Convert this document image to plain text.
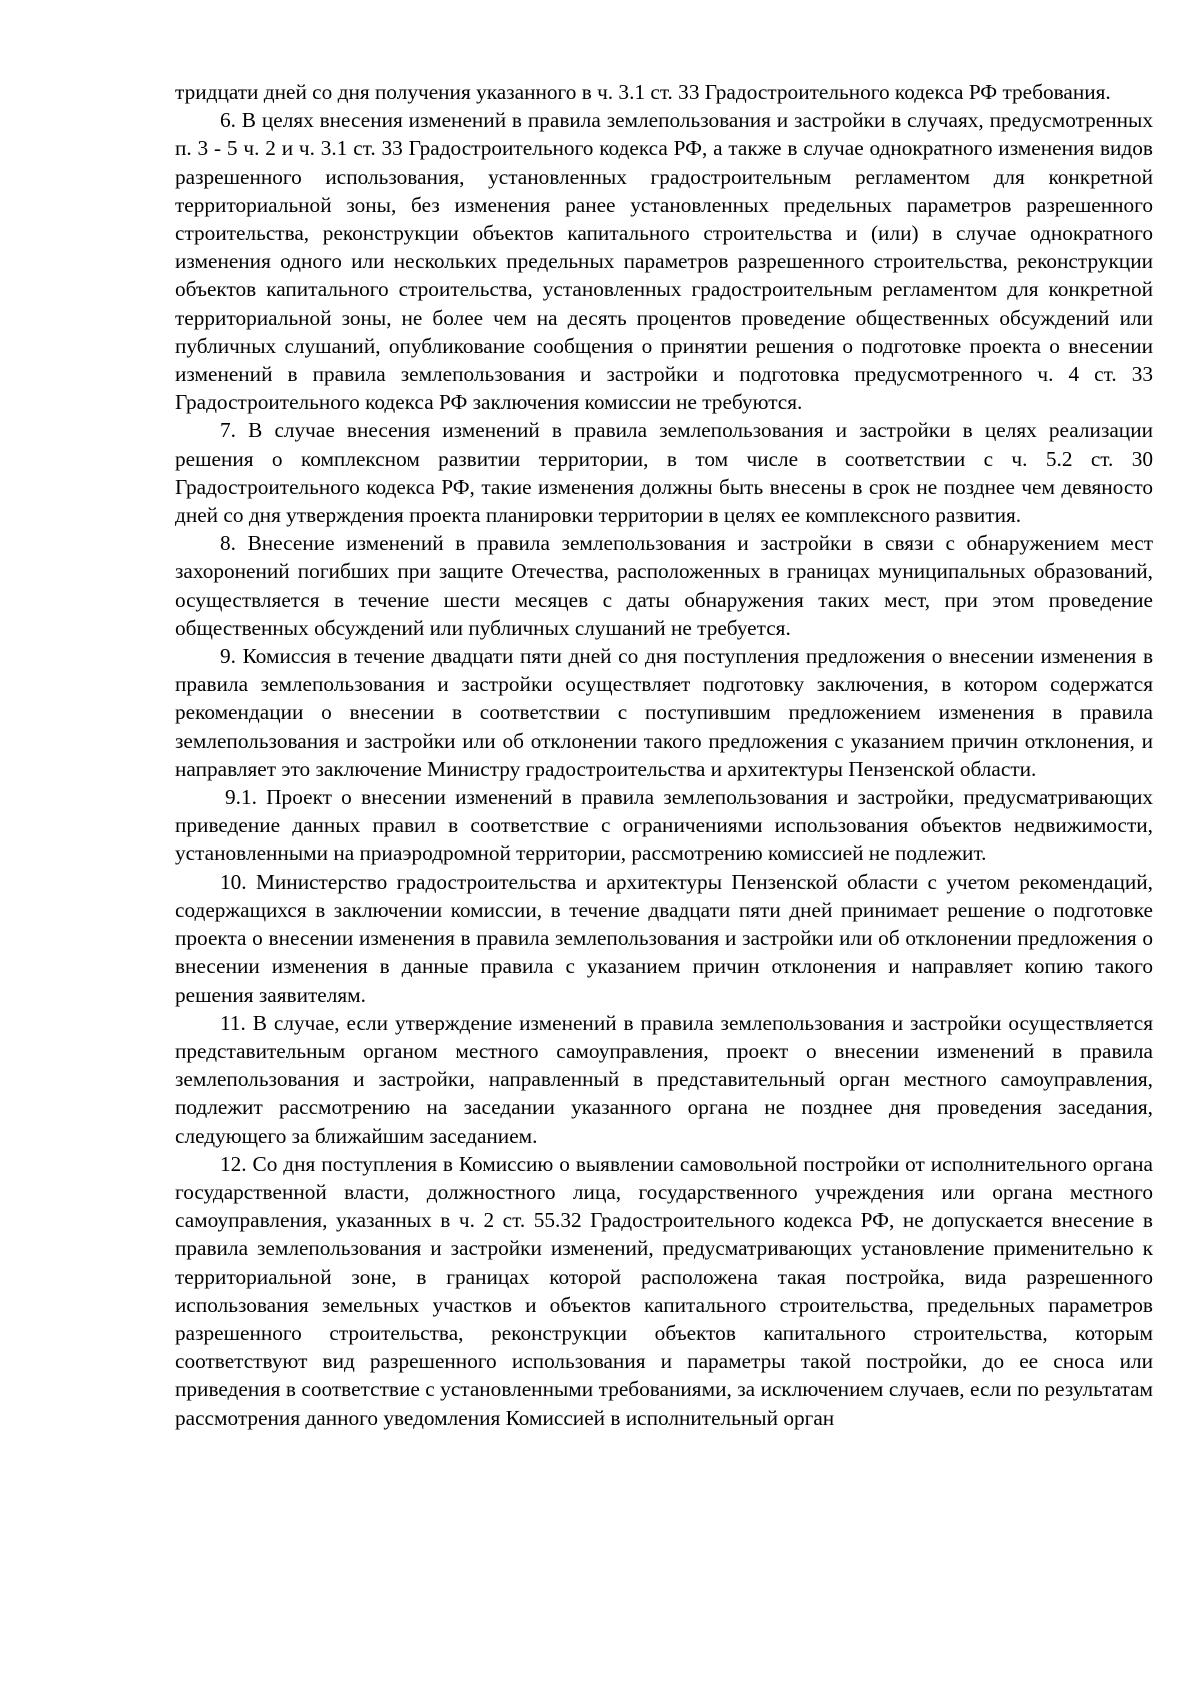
тридцати дней со дня получения указанного в ч. 3.1 ст. 33 Градостроительного кодекса РФ требования.

6. В целях внесения изменений в правила землепользования и застройки в случаях, предусмотренных п. 3 - 5 ч. 2 и ч. 3.1 ст. 33 Градостроительного кодекса РФ, а также в случае однократного изменения видов разрешенного использования, установленных градостроительным регламентом для конкретной территориальной зоны, без изменения ранее установленных предельных параметров разрешенного строительства, реконструкции объектов капитального строительства и (или) в случае однократного изменения одного или нескольких предельных параметров разрешенного строительства, реконструкции объектов капитального строительства, установленных градостроительным регламентом для конкретной территориальной зоны, не более чем на десять процентов проведение общественных обсуждений или публичных слушаний, опубликование сообщения о принятии решения о подготовке проекта о внесении изменений в правила землепользования и застройки и подготовка предусмотренного ч. 4 ст. 33 Градостроительного кодекса РФ заключения комиссии не требуются.

7. В случае внесения изменений в правила землепользования и застройки в целях реализации решения о комплексном развитии территории, в том числе в соответствии с ч. 5.2 ст. 30 Градостроительного кодекса РФ, такие изменения должны быть внесены в срок не позднее чем девяносто дней со дня утверждения проекта планировки территории в целях ее комплексного развития.

8. Внесение изменений в правила землепользования и застройки в связи с обнаружением мест захоронений погибших при защите Отечества, расположенных в границах муниципальных образований, осуществляется в течение шести месяцев с даты обнаружения таких мест, при этом проведение общественных обсуждений или публичных слушаний не требуется.

9. Комиссия в течение двадцати пяти дней со дня поступления предложения о внесении изменения в правила землепользования и застройки осуществляет подготовку заключения, в котором содержатся рекомендации о внесении в соответствии с поступившим предложением изменения в правила землепользования и застройки или об отклонении такого предложения с указанием причин отклонения, и направляет это заключение Министру градостроительства и архитектуры Пензенской области.

9.1. Проект о внесении изменений в правила землепользования и застройки, предусматривающих приведение данных правил в соответствие с ограничениями использования объектов недвижимости, установленными на приаэродромной территории, рассмотрению комиссией не подлежит.

10. Министерство градостроительства и архитектуры Пензенской области с учетом рекомендаций, содержащихся в заключении комиссии, в течение двадцати пяти дней принимает решение о подготовке проекта о внесении изменения в правила землепользования и застройки или об отклонении предложения о внесении изменения в данные правила с указанием причин отклонения и направляет копию такого решения заявителям.

11. В случае, если утверждение изменений в правила землепользования и застройки осуществляется представительным органом местного самоуправления, проект о внесении изменений в правила землепользования и застройки, направленный в представительный орган местного самоуправления, подлежит рассмотрению на заседании указанного органа не позднее дня проведения заседания, следующего за ближайшим заседанием.

12. Со дня поступления в Комиссию о выявлении самовольной постройки от исполнительного органа государственной власти, должностного лица, государственного учреждения или органа местного самоуправления, указанных в ч. 2 ст. 55.32 Градостроительного кодекса РФ, не допускается внесение в правила землепользования и застройки изменений, предусматривающих установление применительно к территориальной зоне, в границах которой расположена такая постройка, вида разрешенного использования земельных участков и объектов капитального строительства, предельных параметров разрешенного строительства, реконструкции объектов капитального строительства, которым соответствуют вид разрешенного использования и параметры такой постройки, до ее сноса или приведения в соответствие с установленными требованиями, за исключением случаев, если по результатам рассмотрения данного уведомления Комиссией в исполнительный орган
